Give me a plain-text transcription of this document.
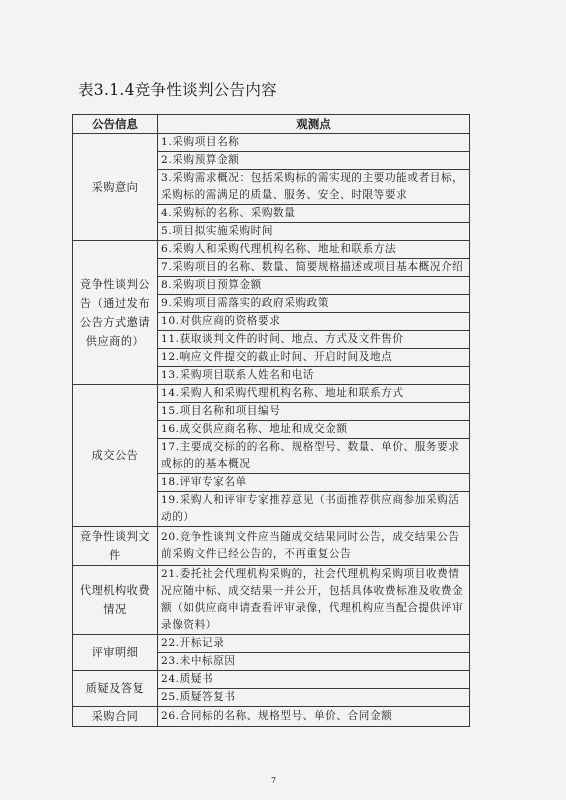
表3.1.4竞争性谈判公告内容
公告信息	观测点
采购意向	1.采购项目名称
	2.采购预算金额
	3.采购需求概况：包括采购标的需实现的主要功能或者目标，采购标的需满足的质量、服务、安全、时限等要求
	4.采购标的名称、采购数量
	5.项目拟实施采购时间
竞争性谈判公告（通过发布公告方式邀请供应商的）	6.采购人和采购代理机构名称、地址和联系方法
	7.采购项目的名称、数量、简要规格描述或项目基本概况介绍
	8.采购项目预算金额
	9.采购项目需落实的政府采购政策
	10.对供应商的资格要求
	11.获取谈判文件的时间、地点、方式及文件售价
	12.响应文件提交的截止时间、开启时间及地点
	13.采购项目联系人姓名和电话
成交公告	14.采购人和采购代理机构名称、地址和联系方式
	15.项目名称和项目编号
	16.成交供应商名称、地址和成交金额
	17.主要成交标的的名称、规格型号、数量、单价、服务要求或标的的基本概况
	18.评审专家名单
	19.采购人和评审专家推荐意见（书面推荐供应商参加采购活动的）
竞争性谈判文件	20.竞争性谈判文件应当随成交结果同时公告，成交结果公告前采购文件已经公告的，不再重复公告
代理机构收费情况	21.委托社会代理机构采购的，社会代理机构采购项目收费情况应随中标、成交结果一并公开，包括具体收费标准及收费金额（如供应商申请查看评审录像，代理机构应当配合提供评审录像资料）
评审明细	22.开标记录
	23.未中标原因
质疑及答复	24.质疑书
	25.质疑答复书
采购合同	26.合同标的名称、规格型号、单价、合同金额
7
